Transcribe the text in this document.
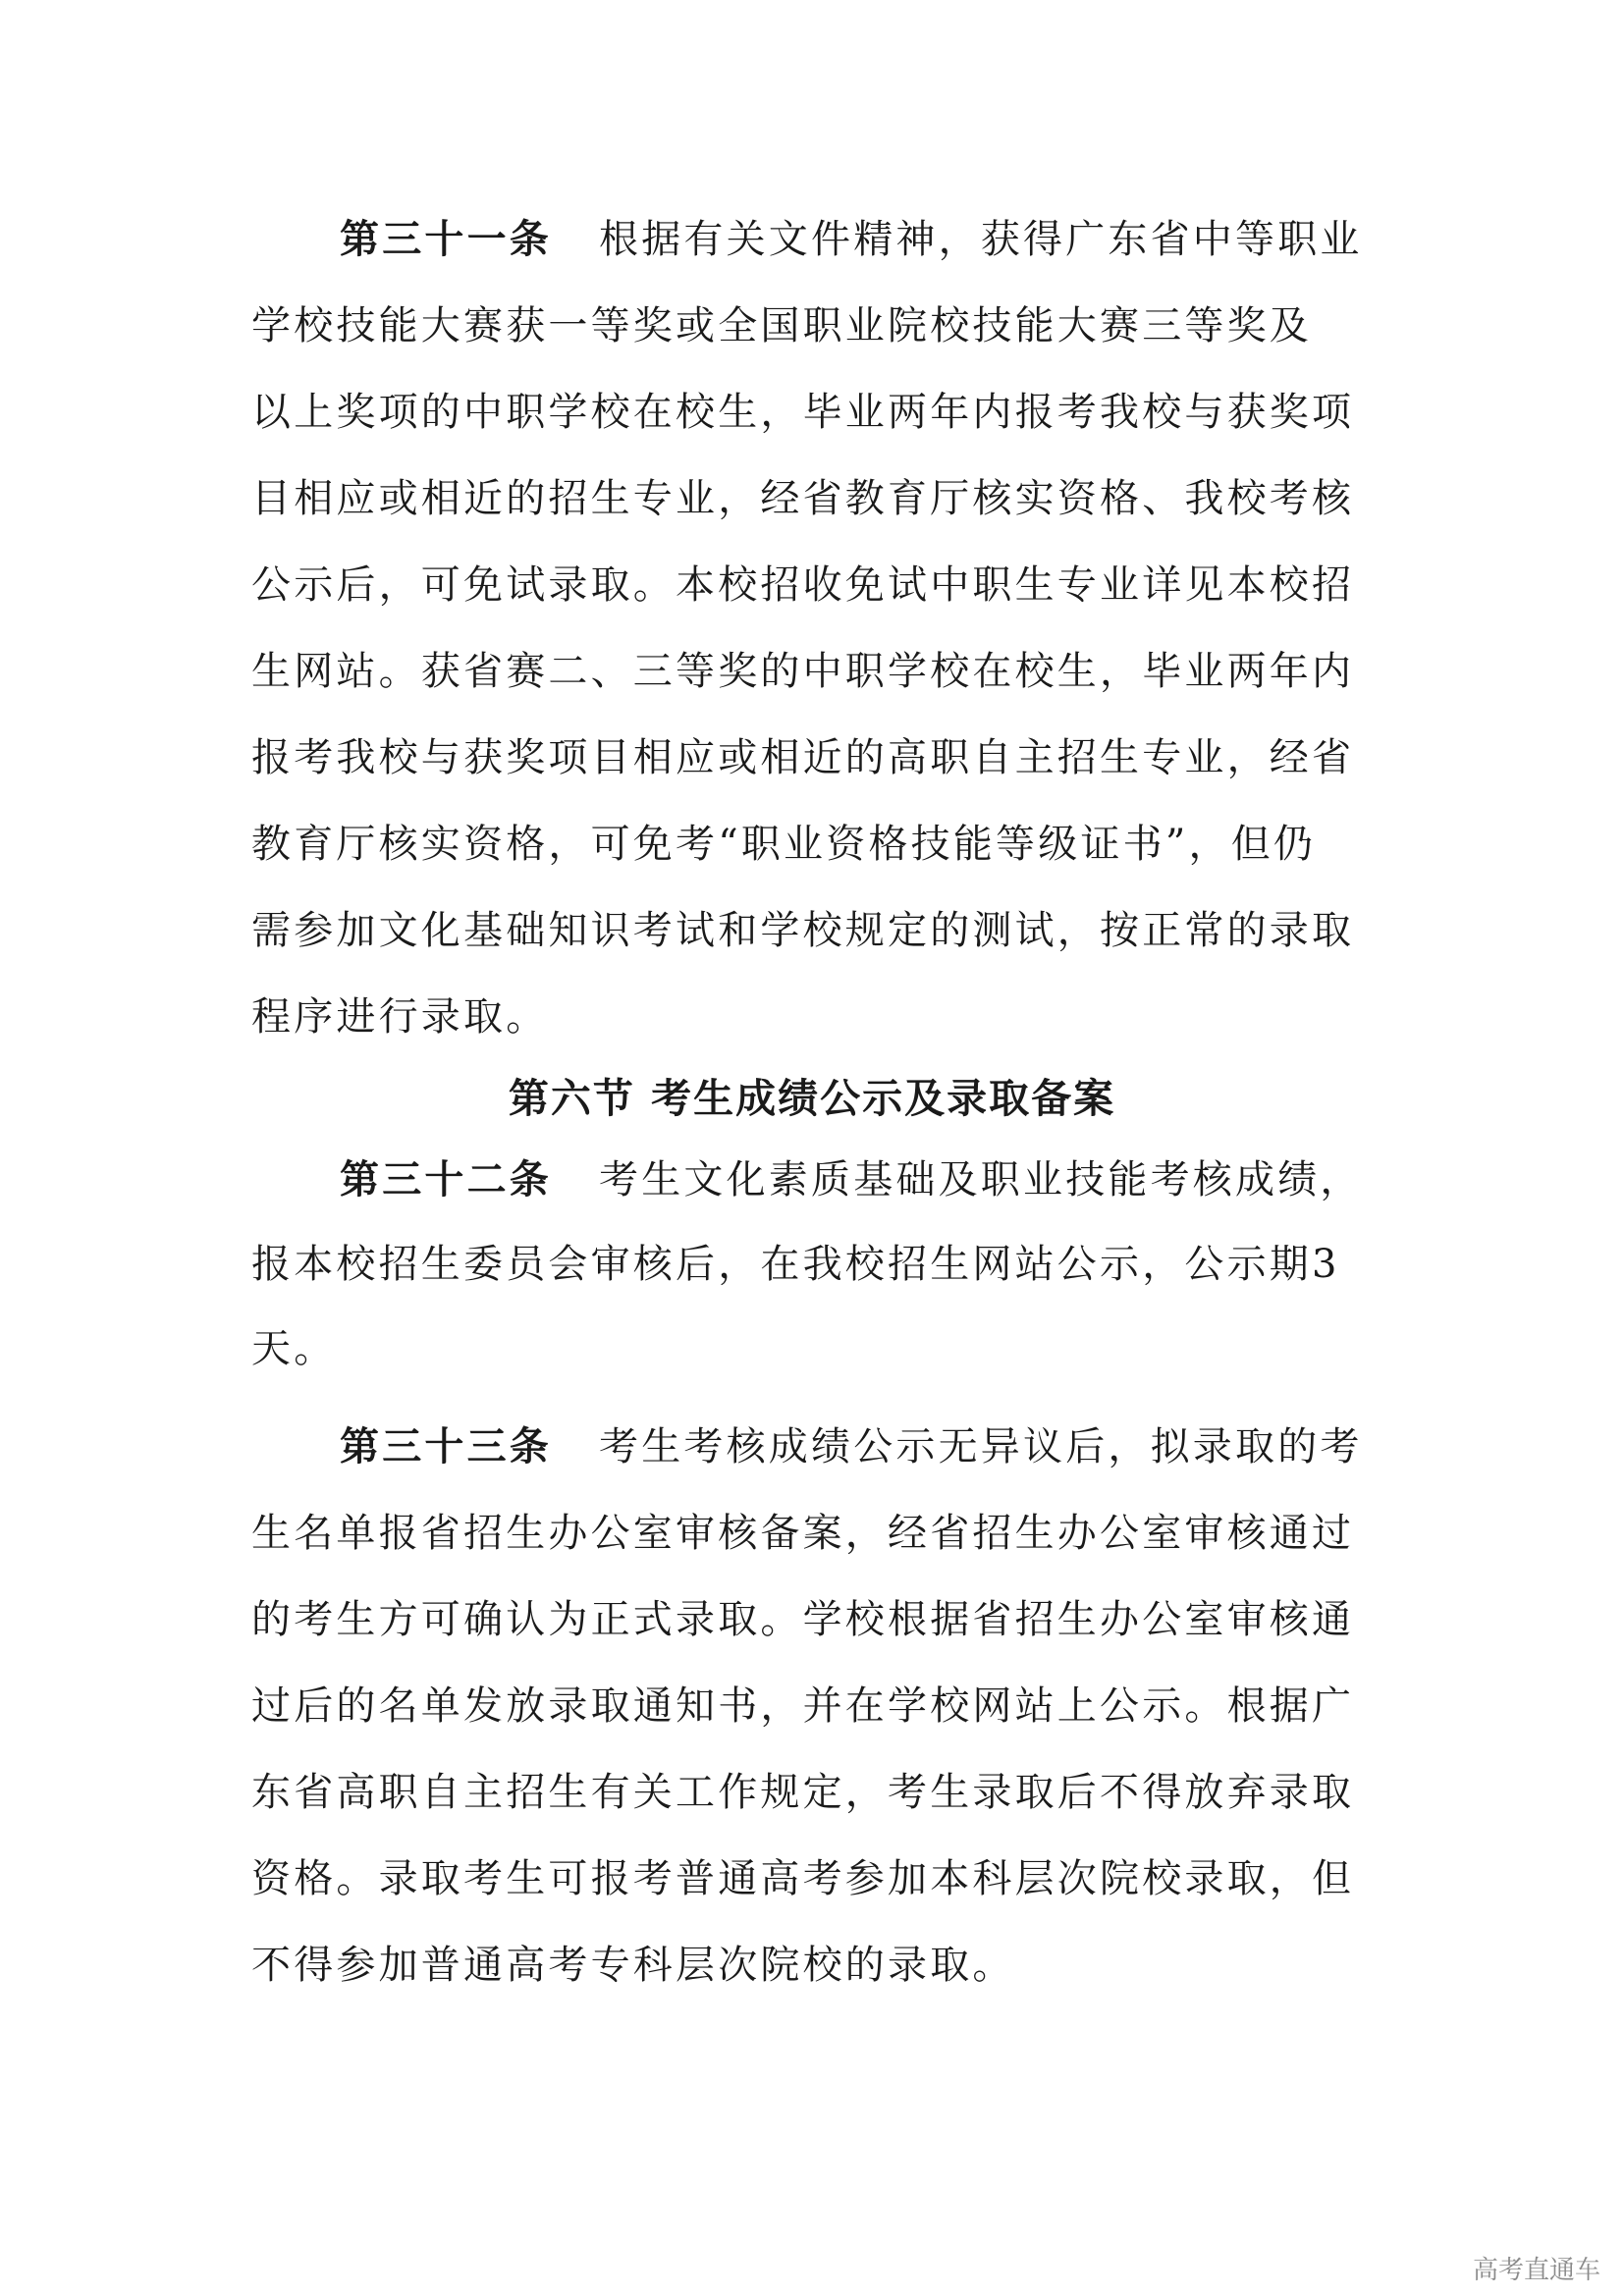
第三十一条 根据有关文件精神，获得广东省中等职业
学校技能大赛获一等奖或全国职业院校技能大赛三等奖及
以上奖项的中职学校在校生，毕业两年内报考我校与获奖项
目相应或相近的招生专业，经省教育厅核实资格、我校考核
公示后，可免试录取。本校招收免试中职生专业详见本校招
生网站。获省赛二、三等奖的中职学校在校生，毕业两年内
报考我校与获奖项目相应或相近的高职自主招生专业，经省
教育厅核实资格，可免考“职业资格技能等级证书”，但仍
需参加文化基础知识考试和学校规定的测试，按正常的录取
程序进行录取。
第六节 考生成绩公示及录取备案
第三十二条 考生文化素质基础及职业技能考核成绩，
报本校招生委员会审核后，在我校招生网站公示，公示期3
天。
第三十三条 考生考核成绩公示无异议后，拟录取的考
生名单报省招生办公室审核备案，经省招生办公室审核通过
的考生方可确认为正式录取。学校根据省招生办公室审核通
过后的名单发放录取通知书，并在学校网站上公示。根据广
东省高职自主招生有关工作规定，考生录取后不得放弃录取
资格。录取考生可报考普通高考参加本科层次院校录取，但
不得参加普通高考专科层次院校的录取。
高考直通车
